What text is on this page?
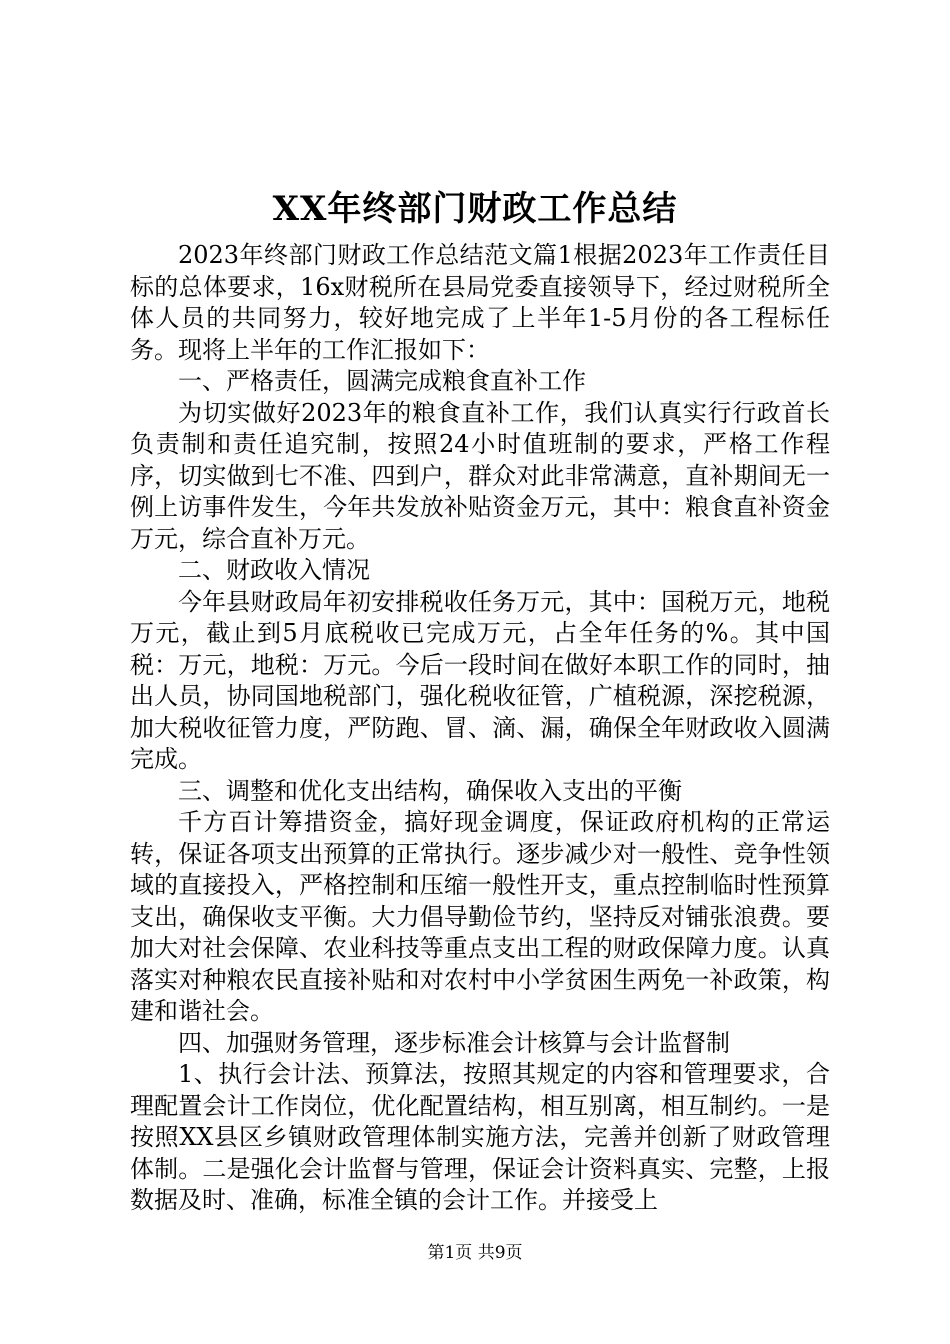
XX年终部门财政工作总结

2023年终部门财政工作总结范文篇1根据2023年工作责任目标的总体要求，16x财税所在县局党委直接领导下，经过财税所全体人员的共同努力，较好地完成了上半年1-5月份的各工程标任务。现将上半年的工作汇报如下：

一、严格责任，圆满完成粮食直补工作

为切实做好2023年的粮食直补工作，我们认真实行行政首长负责制和责任追究制，按照24小时值班制的要求，严格工作程序，切实做到七不准、四到户，群众对此非常满意，直补期间无一例上访事件发生，今年共发放补贴资金万元，其中：粮食直补资金万元，综合直补万元。

二、财政收入情况

今年县财政局年初安排税收任务万元，其中：国税万元，地税万元，截止到5月底税收已完成万元，占全年任务的%。其中国税：万元，地税：万元。今后一段时间在做好本职工作的同时，抽出人员，协同国地税部门，强化税收征管，广植税源，深挖税源，加大税收征管力度，严防跑、冒、滴、漏，确保全年财政收入圆满完成。

三、调整和优化支出结构，确保收入支出的平衡

千方百计筹措资金，搞好现金调度，保证政府机构的正常运转，保证各项支出预算的正常执行。逐步减少对一般性、竞争性领域的直接投入，严格控制和压缩一般性开支，重点控制临时性预算支出，确保收支平衡。大力倡导勤俭节约，坚持反对铺张浪费。要加大对社会保障、农业科技等重点支出工程的财政保障力度。认真落实对种粮农民直接补贴和对农村中小学贫困生两免一补政策，构建和谐社会。

四、加强财务管理，逐步标准会计核算与会计监督制

1、执行会计法、预算法，按照其规定的内容和管理要求，合理配置会计工作岗位，优化配置结构，相互别离，相互制约。一是按照XX县区乡镇财政管理体制实施方法，完善并创新了财政管理体制。二是强化会计监督与管理，保证会计资料真实、完整，上报数据及时、准确，标准全镇的会计工作。并接受上

第1页 共9页
